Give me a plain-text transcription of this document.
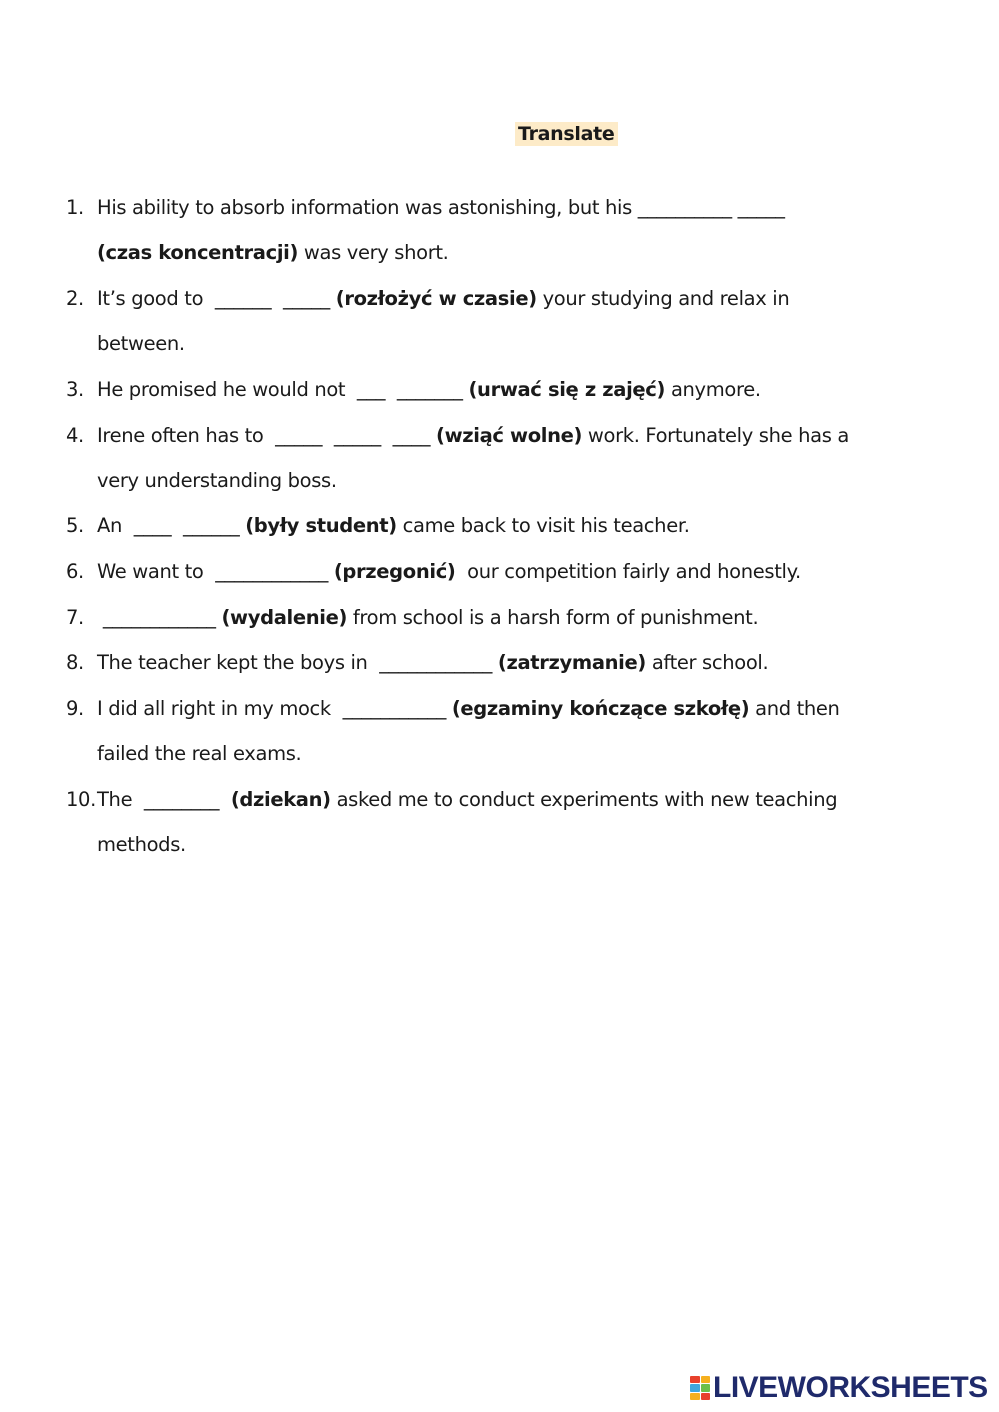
Translate
1. His ability to absorb information was astonishing, but his __________ _____
(czas koncentracji) was very short.
2. It’s good to  ______  _____ (rozłożyć w czasie) your studying and relax in
between.
3. He promised he would not  ___  _______ (urwać się z zajęć) anymore.
4. Irene often has to  _____  _____  ____ (wziąć wolne) work. Fortunately she has a
very understanding boss.
5. An  ____  ______ (były student) came back to visit his teacher.
6. We want to  ____________ (przegonić)  our competition fairly and honestly.
7. ____________ (wydalenie) from school is a harsh form of punishment.
8. The teacher kept the boys in  ____________ (zatrzymanie) after school.
9. I did all right in my mock  ___________ (egzaminy kończące szkołę) and then
failed the real exams.
10. The  ________  (dziekan) asked me to conduct experiments with new teaching
methods.
LIVEWORKSHEETS
